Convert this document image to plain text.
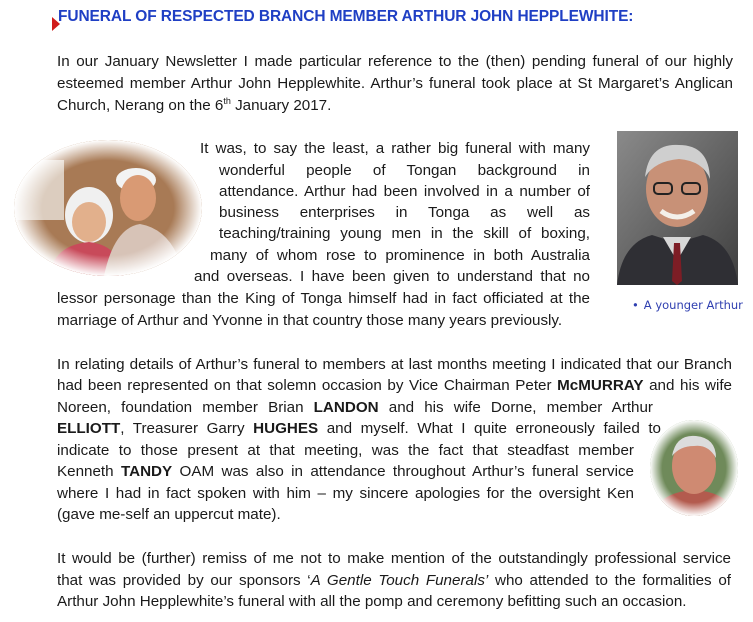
FUNERAL OF RESPECTED BRANCH MEMBER ARTHUR JOHN HEPPLEWHITE:
In our January Newsletter I made particular reference to the (then) pending funeral of our highly
esteemed member Arthur John Hepplewhite. Arthur’s funeral took place at St Margaret’s Anglican
Church, Nerang on the 6th January 2017.
It was, to say the least, a rather big funeral with many
wonderful people of Tongan background in
attendance. Arthur had been involved in a number of
business enterprises in Tonga as well as
teaching/training young men in the skill of boxing,
many of whom rose to prominence in both Australia
and overseas. I have been given to understand that no
lessor personage than the King of Tonga himself had in fact officiated at the
marriage of Arthur and Yvonne in that country those many years previously.
• A younger Arthur
In relating details of Arthur’s funeral to members at last months meeting I indicated that our Branch
had been represented on that solemn occasion by Vice Chairman Peter McMURRAY and his wife
Noreen, foundation member Brian LANDON and his wife Dorne, member Arthur
ELLIOTT, Treasurer Garry HUGHES and myself. What I quite erroneously failed to
indicate to those present at that meeting, was the fact that steadfast member
Kenneth TANDY OAM was also in attendance throughout Arthur’s funeral service
where I had in fact spoken with him – my sincere apologies for the oversight Ken
(gave me-self an uppercut mate).
It would be (further) remiss of me not to make mention of the outstandingly professional service
that was provided by our sponsors ‘A Gentle Touch Funerals’ who attended to the formalities of
Arthur John Hepplewhite’s funeral with all the pomp and ceremony befitting such an occasion.
